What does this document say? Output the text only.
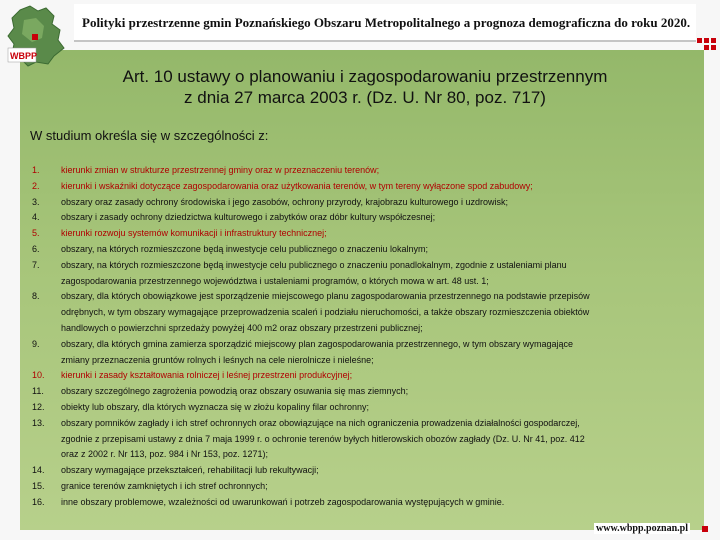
WBPP
Polityki przestrzenne gmin Poznańskiego Obszaru Metropolitalnego a prognoza demograficzna do roku 2020.
Art. 10 ustawy o planowaniu i zagospodarowaniu przestrzennym
z dnia 27 marca 2003 r. (Dz. U. Nr 80, poz. 717)
W studium określa się w szczególności z:
1. kierunki zmian w strukturze przestrzennej gminy oraz w przeznaczeniu terenów;
2. kierunki i wskaźniki dotyczące zagospodarowania oraz użytkowania terenów, w tym tereny wyłączone spod zabudowy;
3. obszary oraz zasady ochrony środowiska i jego zasobów, ochrony przyrody, krajobrazu kulturowego i uzdrowisk;
4. obszary i zasady ochrony dziedzictwa kulturowego i zabytków oraz dóbr kultury współczesnej;
5. kierunki rozwoju systemów komunikacji i infrastruktury technicznej;
6. obszary, na których rozmieszczone będą inwestycje celu publicznego o znaczeniu lokalnym;
7. obszary, na których rozmieszczone będą inwestycje celu publicznego o znaczeniu ponadlokalnym, zgodnie z ustaleniami planu
zagospodarowania przestrzennego województwa i ustaleniami programów, o których mowa w art. 48 ust. 1;
8. obszary, dla których obowiązkowe jest sporządzenie miejscowego planu zagospodarowania przestrzennego na podstawie przepisów
odrębnych, w tym obszary wymagające przeprowadzenia scaleń i podziału nieruchomości, a także obszary rozmieszczenia obiektów
handlowych o powierzchni sprzedaży powyżej 400 m2 oraz obszary przestrzeni publicznej;
9. obszary, dla których gmina zamierza sporządzić miejscowy plan zagospodarowania przestrzennego, w tym obszary wymagające
zmiany przeznaczenia gruntów rolnych i leśnych na cele nierolnicze i nieleśne;
10. kierunki i zasady kształtowania rolniczej i leśnej przestrzeni produkcyjnej;
11. obszary szczególnego zagrożenia powodzią oraz obszary osuwania się mas ziemnych;
12. obiekty lub obszary, dla których wyznacza się w złożu kopaliny filar ochronny;
13. obszary pomników zagłady i ich stref ochronnych oraz obowiązujące na nich ograniczenia prowadzenia działalności gospodarczej,
zgodnie z przepisami ustawy z dnia 7 maja 1999 r. o ochronie terenów byłych hitlerowskich obozów zagłady (Dz. U. Nr 41, poz. 412
oraz z 2002 r. Nr 113, poz. 984 i Nr 153, poz. 1271);
14. obszary wymagające przekształceń, rehabilitacji lub rekultywacji;
15. granice terenów zamkniętych i ich stref ochronnych;
16. inne obszary problemowe, wzależności od uwarunkowań i potrzeb zagospodarowania występujących w gminie.
www.wbpp.poznan.pl
